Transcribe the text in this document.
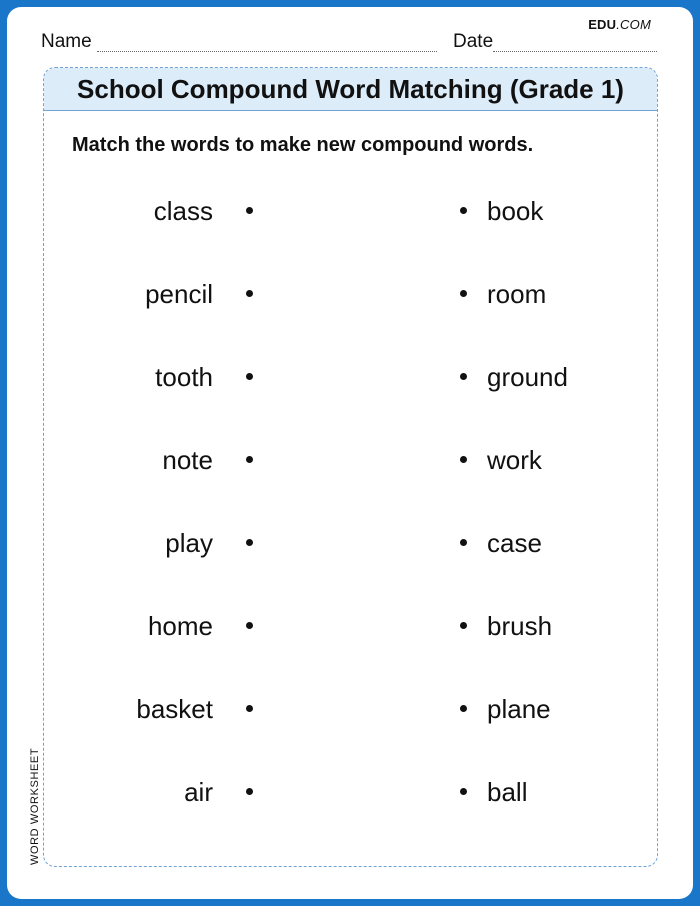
EDU.COM
Name	Date
School Compound Word Matching (Grade 1)
Match the words to make new compound words.
class	book
pencil	room
tooth	ground
note	work
play	case
home	brush
basket	plane
air	ball
WORD WORKSHEET
